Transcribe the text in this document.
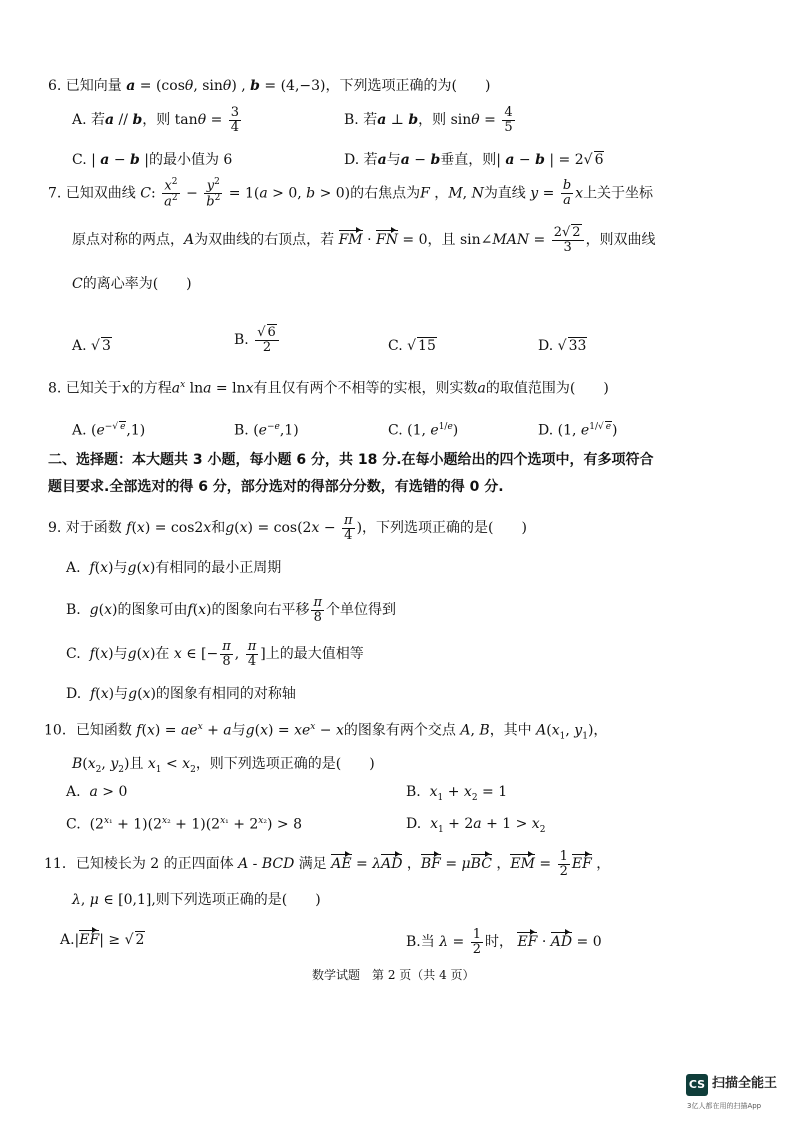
6. 已知向量 a = (cosθ, sinθ) , b = (4,−3)，下列选项正确的为(　　)
A. 若a // b，则 $\tan\theta = \frac{3}{4}$	B. 若a ⊥ b，则 $\sin\theta = \frac{4}{5}$
C. | a − b |的最小值为 6	D. 若a与a − b垂直，则| a − b | = 2√ 6
7. 已知双曲线 C: $\frac{x^2}{a^2} - \frac{y^2}{b^2} = 1(a > 0$, b > 0)的右焦点为F ，M, N为直线 $y = \frac{b}{a}$ x上关于坐标
原点对称的两点，A为双曲线的右顶点，若 FM · FN = 0，且 sin∠MAN = $\frac{2√ 2}{3}$ ，则双曲线
C的离心率为(　　)
A. √ 3	B. $\frac{√ 6}{2}$	C. √ 15	D. √ 33
8. 已知关于x的方程$a^x$ lna = lnx有且仅有两个不相等的实根，则实数a的取值范围为(　　)
A. $(e^{-√ e},1)$	B. $(e^{-e},1)$	C. (1, $e^{1/e}$)	D. (1, $e^{1/√ e}$)
二、选择题：本大题共 3 小题，每小题 6 分，共 18 分.在每小题给出的四个选项中，有多项符合
题目要求.全部选对的得 6 分，部分选对的得部分分数，有选错的得 0 分.
9. 对于函数 f(x) = cos2x和$g(x) = \cos(2x - \frac{\pi}{4}$ )，下列选项正确的是(　　)
A.  f(x)与g(x)有相同的最小正周期
B.  g(x)的图象可由f(x)的图象向右平移 $\frac{\pi}{8}$ 个单位得到
C.  f(x)与g(x)在 x ∈ [− $\frac{\pi}{8}$ , $\frac{\pi}{4}$ ]上的最大值相等
D.  f(x)与g(x)的图象有相同的对称轴
10．已知函数 $f(x) = ae^x + a$与$g(x) = xe^x - x$的图象有两个交点 A, B，其中 $A(x_1$, $y_1$)，
$B(x_2$, $y_2$)且 $x_1 < x_2$，则下列选项正确的是(　　)
A.  a > 0	B.  $x_1 + x_2 = 1$
C.  $(2^{x_1} + 1)(2^{x_2} + 1)(2^{x_1} + 2^{x_2}) > 8$	D.  $x_1 + 2a + 1 > x_2$
11．已知棱长为 2 的正四面体 A - BCD 满足 AE = λAD ，BF = μBC ，EM = $\frac{1}{2}$ EF ，
λ, μ ∈ [0,1],则下列选项正确的是(　　)
A.|EF| ≥ √ 2	B.当 $\lambda = \frac{1}{2}$ 时， EF · AD = 0
数学试题　第 2 页（共 4 页）
CS 扫描全能王
3亿人都在用的扫描App
